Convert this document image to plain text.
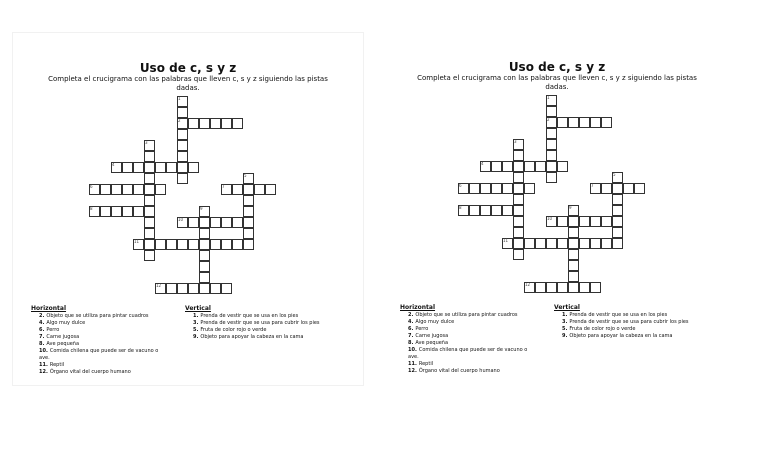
Uso de c, s y z
Completa el crucigrama con las palabras que lleven c, s y z siguiendo las pistas dadas.
1
2
3
4
5
6	7
8	9
10
11
12
Horizontal
2. Objeto que se utiliza para pintar cuadros
4. Algo muy dulce
6. Perro
7. Carne jugosa
8. Ave pequeña
10. Comida chilena que puede ser de vacuno o ave.
11. Reptil
12. Órgano vital del cuerpo humano
Vertical
1. Prenda de vestir que se usa en los pies
3. Prenda de vestir que se usa para cubrir los pies
5. Fruta de color rojo o verde
9. Objeto para apoyar la cabeza en la cama
Uso de c, s y z
Completa el crucigrama con las palabras que lleven c, s y z siguiendo las pistas dadas.
1
2
3
4
5
6	7
8	9
10
11
12
Horizontal
2. Objeto que se utiliza para pintar cuadros
4. Algo muy dulce
6. Perro
7. Carne jugosa
8. Ave pequeña
10. Comida chilena que puede ser de vacuno o ave.
11. Reptil
12. Órgano vital del cuerpo humano
Vertical
1. Prenda de vestir que se usa en los pies
3. Prenda de vestir que se usa para cubrir los pies
5. Fruta de color rojo o verde
9. Objeto para apoyar la cabeza en la cama
